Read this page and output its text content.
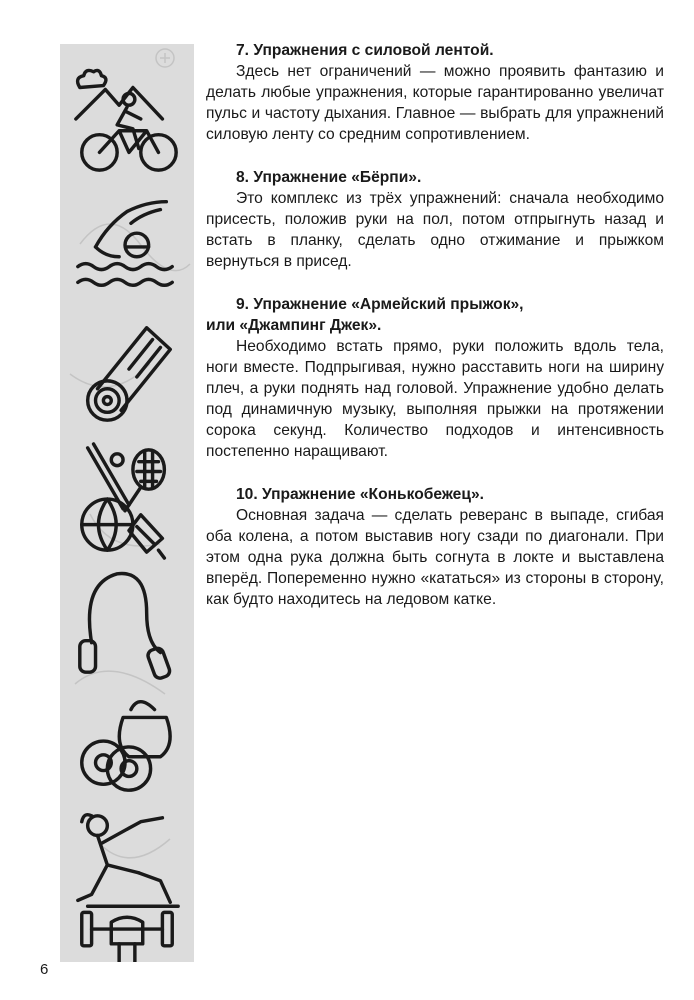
7. Упражнения с силовой лентой.

Здесь нет ограничений — можно проявить фантазию и делать любые упражнения, которые гарантированно увеличат пульс и частоту дыхания. Главное — выбрать для упражнений силовую ленту со средним сопротивлением.

8. Упражнение «Бёрпи».

Это комплекс из трёх упражнений: сначала необходимо присесть, положив руки на пол, потом отпрыгнуть назад и встать в планку, сделать одно отжимание и прыжком вернуться в присед.

9. Упражнение «Армейский прыжок»,
или «Джампинг Джек».

Необходимо встать прямо, руки положить вдоль тела, ноги вместе. Подпрыгивая, нужно расставить ноги на ширину плеч, а руки поднять над головой. Упражнение удобно делать под динамичную музыку, выполняя прыжки на протяжении сорока секунд. Количество подходов и интенсивность постепенно наращивают.

10. Упражнение «Конькобежец».

Основная задача — сделать реверанс в выпаде, сгибая оба колена, а потом выставив ногу сзади по диагонали. При этом одна рука должна быть согнута в локте и выставлена вперёд. Попеременно нужно «кататься» из стороны в сторону, как будто находитесь на ледовом катке.

6
